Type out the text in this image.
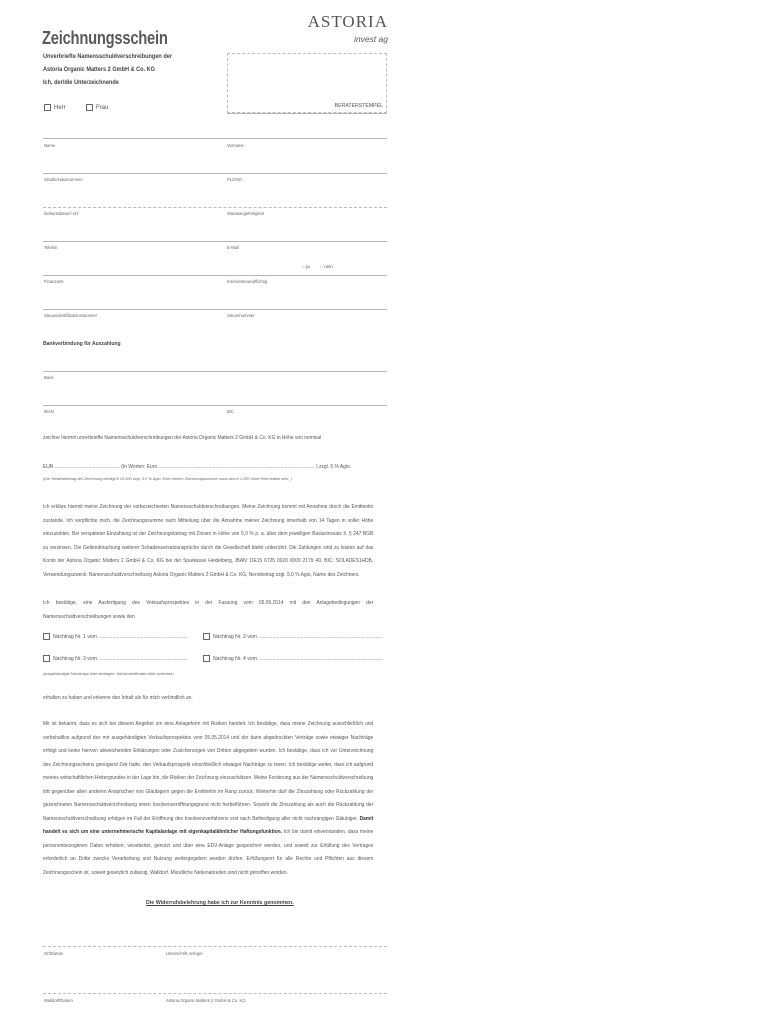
Zeichnungsschein
ASTORIA
invest ag
Unverbriefte Namensschuldverschreibungen der
Astoria Organic Matters 2 GmbH & Co. KG
Ich, der/die Unterzeichnende
BERATERSTEMPEL
Herr	Frau
Name	Vorname
Straße/Hausnummer	PLZ/Ort
Geburtsdatum/-ort	Staatsangehörigkeit
Telefon	E-Mail
○ ja ○ nein
Finanzamt	Kirchensteuerpflichtig
Steueridentifikationsnummer	Steuernummer
Bankverbindung für Auszahlung
Bank
IBAN	BIC
zeichne hiermit unverbriefte Namensschuldverschreibungen der Astoria Organic Matters 2 GmbH & Co. KG in Höhe von nominal
EUR ................................................ (In Worten: Euro ................................................................................................................... ) zzgl. 5 % Agio.
(Der Mindestbetrag der Zeichnung beträgt € 15.000 zzgl. 5,0 % Agio. Eine höhere Zeichnungssumme muss durch 1.000 ohne Rest teilbar sein. )
Ich erkläre hiermit meine Zeichnung der vorbezeichneten Namensschuldverschreibungen. Meine Zeichnung kommt mit Annahme durch die Emittentin zustande. Ich verpflichte mich, die Zeichnungssumme nach Mitteilung über die Annahme meiner Zeichnung innerhalb von 14 Tagen in voller Höhe einzuzahlen. Bei verspäteter Einzahlung ist der Zeichnungsbetrag mit Zinsen in Höhe von 5,0 % p. a. über dem jeweiligen Basiszinssatz lt. § 247 BGB zu verzinsen. Die Geltendmachung weiterer Schadensersatzansprüche durch die Gesellschaft bleibt unberührt. Die Zahlungen sind zu leisten auf das Konto der Astoria Organic Matters 2 GmbH & Co. KG bei der Sparkasse Heidelberg, IBAN: DE15 6725 0020 0009 2179 49, BIC: SOLADES1HDB, Verwendungszweck: Namensschuldverschreibung Astoria Organic Matters 2 GmbH & Co. KG, Nennbetrag zzgl. 5,0 % Agio, Name des Zeichners.
Ich bestätige, eine Ausfertigung des Verkaufsprospektes in der Fassung vom 05.05.2014 mit den Anlagebedingungen der Namensschuldverschreibungen sowie den
Nachtrag Nr. 1 vom ...............................................................	Nachtrag Nr. 2 vom ........................................................................................
Nachtrag Nr. 3 vom ...............................................................	Nachtrag Nr. 4 vom ........................................................................................
(ausgehändigte Nachträge bitte eintragen, Nichtzutreffendes bitte streichen)
erhalten zu haben und erkenne den Inhalt als für mich verbindlich an.
Mir ist bekannt, dass es sich bei diesem Angebot um eine Anlageform mit Risiken handelt. Ich bestätige, dass meine Zeichnung ausschließlich und vorbehaltlos aufgrund des mir ausgehändigten Verkaufsprospektes vom 05.05.2014 und der darin abgedruckten Verträge sowie etwaiger Nachträge erfolgt und keine hiervon abweichenden Erklärungen oder Zusicherungen von Dritten abgegeben wurden. Ich bestätige, dass ich vor Unterzeichnung des Zeichnungsscheins genügend Zeit hatte, den Verkaufsprospekt einschließlich etwaiger Nachträge zu lesen. Ich bestätige weiter, dass ich aufgrund meines wirtschaftlichen Hintergrundes in der Lage bin, die Risiken der Zeichnung einzuschätzen. Meine Forderung aus der Namensschuldverschreibung tritt gegenüber allen anderen Ansprüchen von Gläubigern gegen die Emittentin im Rang zurück. Weiterhin darf die Zinszahlung oder Rückzahlung der gezeichneten Namensschuldverschreibung einen Insolvenzeröffnungsgrund nicht herbeiführen. Sowohl die Zinszahlung als auch die Rückzahlung der Namensschuldverschreibung erfolgen im Fall der Eröffnung des Insolvenzverfahrens erst nach Befriedigung aller nicht nachrangigen Gläubiger. Damit handelt es sich um eine unternehmerische Kapitalanlage mit eigenkapitalähnlicher Haftungsfunktion. Ich bin damit einverstanden, dass meine personenbezogenen Daten erhoben, verarbeitet, genutzt und über eine EDV-Anlage gespeichert werden, und soweit zur Erfüllung des Vertrages erforderlich an Dritte zwecks Verarbeitung und Nutzung weitergegeben werden dürfen. Erfüllungsort für alle Rechte und Pflichten aus diesem Zeichnungsschein ist, soweit gesetzlich zulässig, Walldorf. Mündliche Nebenabreden sind nicht getroffen worden.
Die Widerrufsbelehrung habe ich zur Kenntnis genommen.
Ort/Datum	Unterschrift Anleger
Walldorf/Datum	Astoria Organic Matters 2 GmbH & Co. KG
